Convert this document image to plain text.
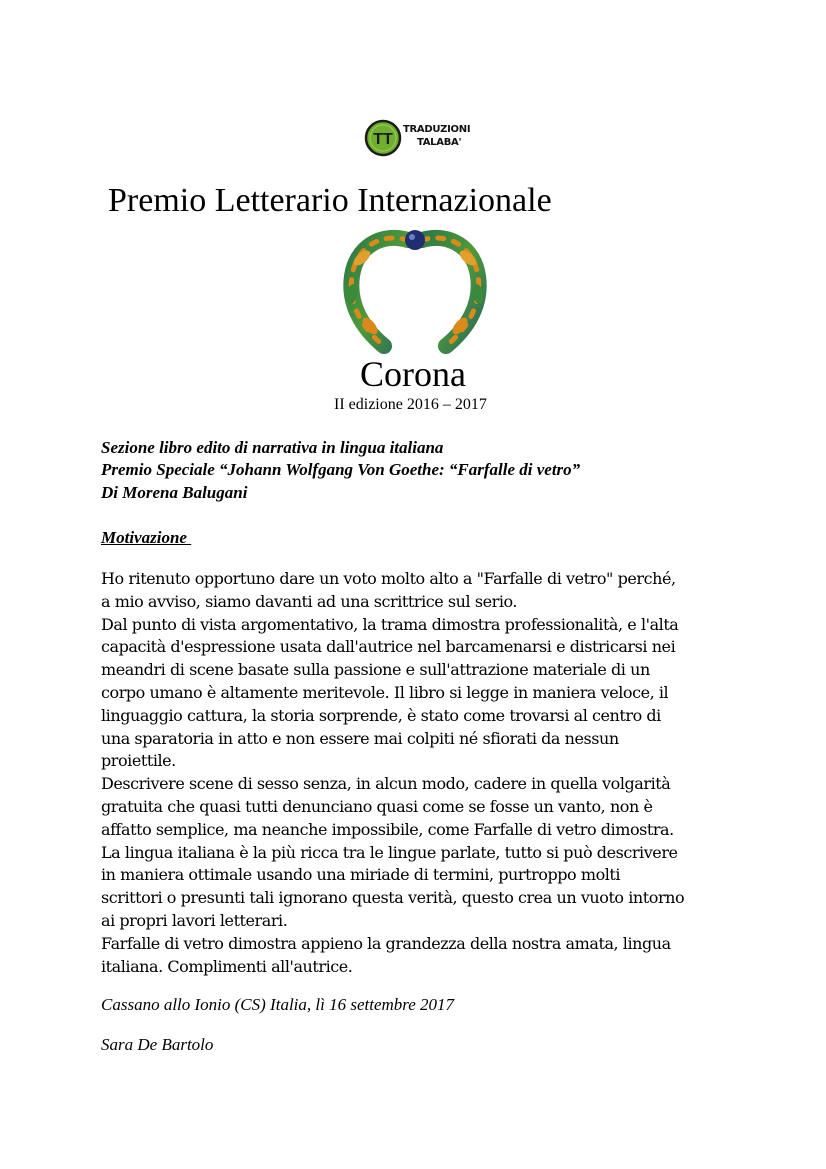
TT
TRADUZIONI
TALABA'
Premio Letterario Internazionale
Corona
II edizione 2016 – 2017
Sezione libro edito di narrativa in lingua italiana
Premio Speciale “Johann Wolfgang Von Goethe: “Farfalle di vetro”
Di Morena Balugani
Motivazione
Ho ritenuto opportuno dare un voto molto alto a "Farfalle di vetro" perché,
a mio avviso, siamo davanti ad una scrittrice sul serio.
Dal punto di vista argomentativo, la trama dimostra professionalità, e l'alta
capacità d'espressione usata dall'autrice nel barcamenarsi e districarsi nei
meandri di scene basate sulla passione e sull'attrazione materiale di un
corpo umano è altamente meritevole. Il libro si legge in maniera veloce, il
linguaggio cattura, la storia sorprende, è stato come trovarsi al centro di
una sparatoria in atto e non essere mai colpiti né sfiorati da nessun
proiettile.
Descrivere scene di sesso senza, in alcun modo, cadere in quella volgarità
gratuita che quasi tutti denunciano quasi come se fosse un vanto, non è
affatto semplice, ma neanche impossibile, come Farfalle di vetro dimostra.
La lingua italiana è la più ricca tra le lingue parlate, tutto si può descrivere
in maniera ottimale usando una miriade di termini, purtroppo molti
scrittori o presunti tali ignorano questa verità, questo crea un vuoto intorno
ai propri lavori letterari.
Farfalle di vetro dimostra appieno la grandezza della nostra amata, lingua
italiana. Complimenti all'autrice.
Cassano allo Ionio (CS) Italia, lì 16 settembre 2017
Sara De Bartolo
